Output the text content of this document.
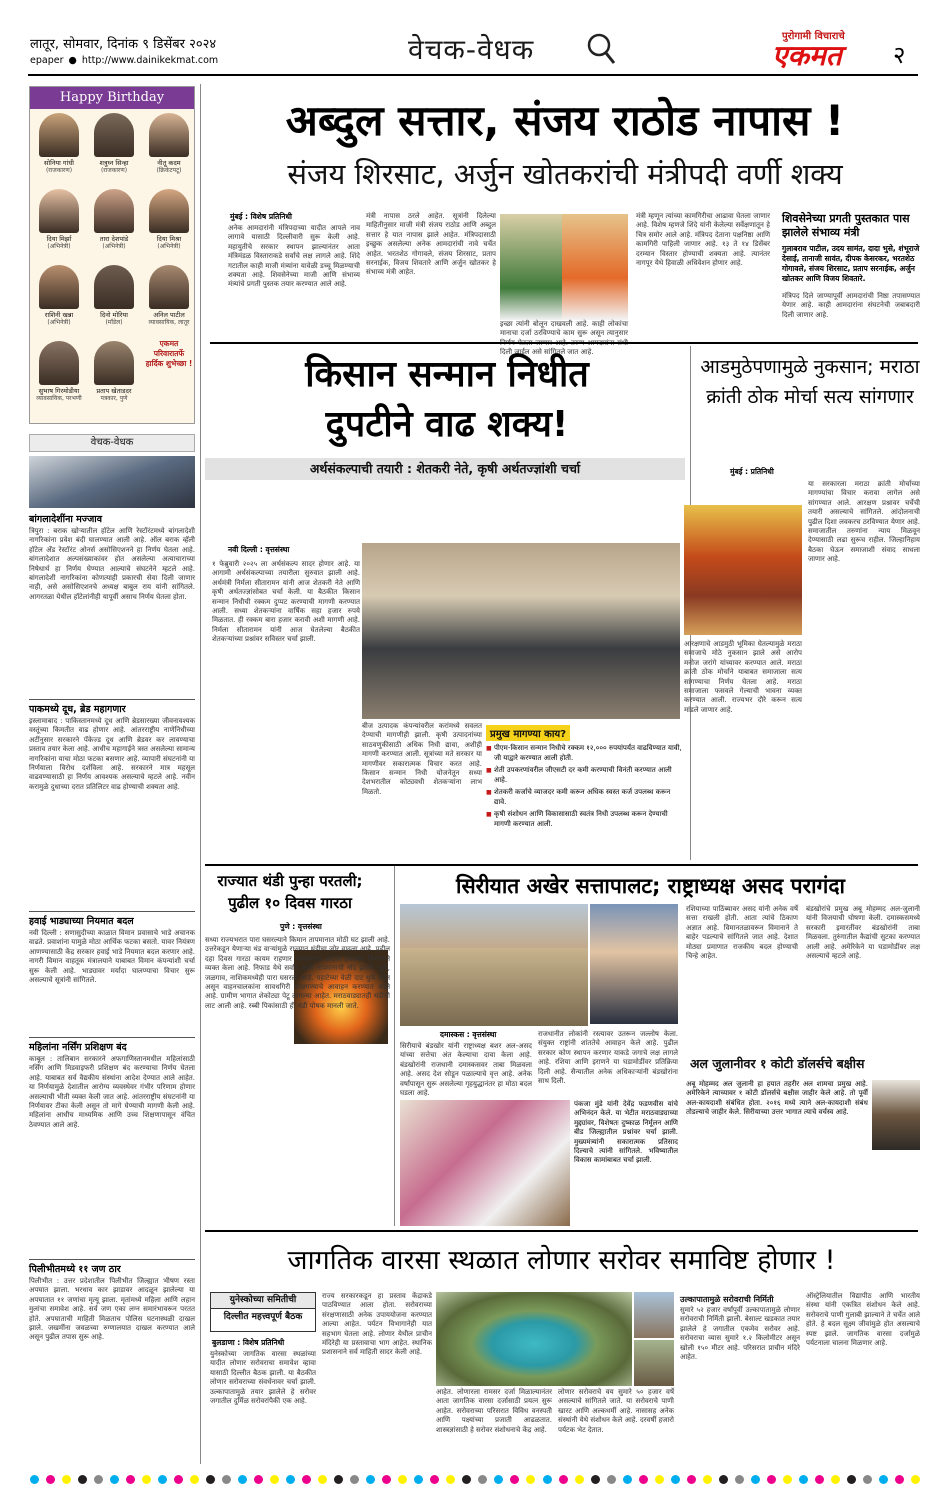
लातूर, सोमवार, दिनांक ९ डिसेंबर २०२४
epaper ● http://www.dainikekmat.com	वेचक-वेधक	पुरोगामी विचाराचे
एकमत २
Happy Birthday
सोनिया गांधी
(राजकारण)
शत्रुघ्न सिन्हा
(राजकारण)
नीतू कदम
(क्रिकेटपटू)
दिया मिर्झा
(अभिनेत्री)
तारा देशपांडे
(अभिनेत्री)
दिया मिश्रा
(अभिनेत्री)
राशिनी खन्ना
(अभिनेत्री)
दिनो मोरिया
(मॉडेल)
अनिल पाटील
व्यावसायिक, लातूर
सुभाष गिरमोडीया
व्यावसायिक, परभणी
प्रताप खेताडदर
पत्रकार, पुणे
एकमत परिवारातर्फे हार्दिक शुभेच्छा !
वेचक-वेधक
बांगलादेशींना मज्जाव
त्रिपुरा : बराक खोऱ्यातील हॉटेल आणि रेस्टॉरंटमध्ये बांगलादेशी नागरिकांना प्रवेश बंदी घालण्यात आली आहे. ऑल बराक व्हॅली हॉटेल अँड रेस्टॉरंट ओनर्स असोसिएशनने हा निर्णय घेतला आहे. बांगलादेशात अल्पसंख्याकांवर होत असलेल्या अत्याचाराच्या निषेधार्थ हा निर्णय घेण्यात आल्याचे संघटनेने म्हटले आहे. बांगलादेशी नागरिकांना कोणत्याही प्रकारची सेवा दिली जाणार नाही, असे असोसिएशनचे अध्यक्ष बाबुल राय यांनी सांगितले. आगरतळा येथील हॉटेलांनीही यापूर्वी असाच निर्णय घेतला होता.
पाकमध्ये दूध, ब्रेड महागणार
इस्लामाबाद : पाकिस्तानमध्ये दूध आणि ब्रेडसारख्या जीवनावश्यक वस्तूंच्या किमतीत वाढ होणार आहे. आंतरराष्ट्रीय नाणेनिधीच्या अटींनुसार सरकारने पॅकेज्ड दूध आणि ब्रेडवर कर लावण्याचा प्रस्ताव तयार केला आहे. आधीच महागाईने त्रस्त असलेल्या सामान्य नागरिकांना याचा मोठा फटका बसणार आहे. व्यापारी संघटनांनी या निर्णयाला विरोध दर्शविला आहे. सरकारने मात्र महसूल वाढवण्यासाठी हा निर्णय आवश्यक असल्याचे म्हटले आहे. नवीन करामुळे दुधाच्या दरात प्रतिलिटर वाढ होण्याची शक्यता आहे.
हवाई भाड्याच्या नियमात बदल
नवी दिल्ली : सणासुदीच्या काळात विमान प्रवासाचे भाडे अचानक वाढते. प्रवाशांना यामुळे मोठा आर्थिक फटका बसतो. यावर नियंत्रण आणण्यासाठी केंद्र सरकार हवाई भाडे नियमात बदल करणार आहे. नागरी विमान वाहतूक मंत्रालयाने याबाबत विमान कंपन्यांशी चर्चा सुरू केली आहे. भाड्यावर मर्यादा घालण्याचा विचार सुरू असल्याचे सूत्रांनी सांगितले.
महिलांना नर्सिंग प्रशिक्षण बंद
काबूल : तालिबान सरकारने अफगाणिस्तानमधील महिलांसाठी नर्सिंग आणि मिडवाइफरी प्रशिक्षण बंद करण्याचा निर्णय घेतला आहे. याबाबत सर्व वैद्यकीय संस्थांना आदेश देण्यात आले आहेत. या निर्णयामुळे देशातील आरोग्य व्यवस्थेवर गंभीर परिणाम होणार असल्याची भीती व्यक्त केली जात आहे. आंतरराष्ट्रीय संघटनांनी या निर्णयावर टीका केली असून तो मागे घेण्याची मागणी केली आहे. महिलांना आधीच माध्यमिक आणि उच्च शिक्षणापासून वंचित ठेवण्यात आले आहे.
पिलीभीतमध्ये ११ जण ठार
पिलीभीत : उत्तर प्रदेशातील पिलीभीत जिल्ह्यात भीषण रस्ता अपघात झाला. भरधाव कार झाडावर आदळून झालेल्या या अपघातात ११ जणांचा मृत्यू झाला. मृतांमध्ये महिला आणि लहान मुलांचा समावेश आहे. सर्व जण एका लग्न समारंभावरून परतत होते. अपघाताची माहिती मिळताच पोलिस घटनास्थळी दाखल झाले. जखमींना जवळच्या रुग्णालयात दाखल करण्यात आले असून पुढील तपास सुरू आहे.
अब्दुल सत्तार, संजय राठोड नापास !
संजय शिरसाट, अर्जुन खोतकरांची मंत्रीपदी वर्णी शक्य
मुंबई : विशेष प्रतिनिधी
अनेक आमदारांनी मंत्रिपदाच्या यादीत आपले नाव लागावे यासाठी दिल्लीवारी सुरू केली आहे. महायुतीचे सरकार स्थापन झाल्यानंतर आता मंत्रिमंडळ विस्ताराकडे सर्वांचे लक्ष लागले आहे. शिंदे गटातील काही माजी मंत्र्यांना यावेळी डच्चू मिळण्याची शक्यता आहे. शिवसेनेच्या माजी आणि संभाव्य मंत्र्यांचे प्रगती पुस्तक तयार करण्यात आले आहे.
मंत्री नापास ठरले आहेत. सूत्रांनी दिलेल्या माहितीनुसार माजी मंत्री संजय राठोड आणि अब्दुल सत्तार हे यात नापास झाले आहेत. मंत्रिपदासाठी इच्छुक असलेल्या अनेक आमदारांची नावे चर्चेत आहेत. भरतशेठ गोगावले, संजय शिरसाट, प्रताप सरनाईक, विजय शिवतारे आणि अर्जुन खोतकर हे संभाव्य मंत्री आहेत.
इच्छा त्यांनी बोलून दाखवली आहे. काही लोकांचा मानाचा दर्जा ठरविण्याचे काम सुरू असून त्यानुसार दिली जाईल असे सांगितले जात आहे.
मंत्री म्हणून त्यांच्या कामगिरीचा आढावा घेतला जाणार आहे. विशेष म्हणजे शिंदे यांनी केलेल्या सर्वेक्षणातून हे चित्र समोर आले आहे. मंत्रिपद देताना पक्षनिष्ठा आणि कामगिरी पाहिली जाणार आहे. १३ ते १४ डिसेंबर दरम्यान विस्तार होण्याची शक्यता आहे. त्यानंतर नागपूर येथे हिवाळी अधिवेशन होणार आहे.
शिवसेनेच्या प्रगती पुस्तकात पास झालेले संभाव्य मंत्री
गुलाबराव पाटील, उदय सामंत, दादा भुसे, शंभूराजे देसाई, तानाजी सावंत, दीपक केसरकर, भरतशेठ गोगावले, संजय शिरसाट, प्रताप सरनाईक, अर्जुन खोतकर आणि विजय शिवतारे.
मंत्रिपद दिले जाण्यापूर्वी आमदारांची निष्ठा तपासण्यात येणार आहे. काही आमदारांना संघटनेची जबाबदारी दिली जाणार आहे.
किसान सन्मान निधीत
दुपटीने वाढ शक्य!
अर्थसंकल्पाची तयारी : शेतकरी नेते, कृषी अर्थतज्ज्ञांशी चर्चा
नवी दिल्ली : वृत्तसंस्था
१ फेब्रुवारी २०२५ ला अर्थसंकल्प सादर होणार आहे. या आगामी अर्थसंकल्पाच्या तयारीला सुरुवात झाली आहे. अर्थमंत्री निर्मला सीतारामन यांनी आज शेतकरी नेते आणि कृषी अर्थतज्ज्ञांसोबत चर्चा केली. या बैठकीत किसान सन्मान निधीची रक्कम दुप्पट करण्याची मागणी करण्यात आली. सध्या शेतकऱ्यांना वार्षिक सहा हजार रुपये मिळतात. ही रक्कम बारा हजार करावी अशी मागणी आहे. निर्मला सीतारामन यांनी आज घेतलेल्या बैठकीत शेतकऱ्यांच्या प्रश्नांवर सविस्तर चर्चा झाली.
बीज उत्पादक कंपन्यांवरील करांमध्ये सवलत देण्याची मागणीही झाली. कृषी उत्पादनांच्या साठवणुकीसाठी अधिक निधी द्यावा, अशीही मागणी करण्यात आली. सूत्रांच्या मते सरकार या मागणीवर सकारात्मक विचार करत आहे. किसान सन्मान निधी योजनेतून सध्या देशभरातील कोट्यवधी शेतकऱ्यांना लाभ मिळतो.
प्रमुख मागण्या काय?
■ पीएम-किसान सन्मान निधीचे रक्कम १२,००० रुपयांपर्यंत वाढविण्यात यावी, जी याद्वारे करण्यात आली होती.
■ शेती उपकरणांवरील जीएसटी दर कमी करण्याची विनंती करण्यात आली आहे.
■ शेतकरी कर्जाचे व्याजदर कमी करून अधिक स्वस्त कर्ज उपलब्ध करून द्यावे.
■ कृषी संशोधन आणि विकासासाठी स्वतंत्र निधी उपलब्ध करून देण्याची मागणी करण्यात आली.
आडमुठेपणामुळे नुकसान; मराठा क्रांती ठोक मोर्चा सत्य सांगणार
मुंबई : प्रतिनिधी
आरक्षणाचे आडमुठी भूमिका घेतल्यामुळे मराठा समाजाचे मोठे नुकसान झाले असे आरोप मनोज जरांगे यांच्यावर करण्यात आले. मराठा क्रांती ठोक मोर्चाने याबाबत समाजाला सत्य सांगण्याचा निर्णय घेतला आहे. मराठा समाजाला फसवले गेल्याची भावना व्यक्त करण्यात आली. राज्यभर दौरे करून सत्य मांडले जाणार आहे.
या सरकारला मराठा क्रांती मोर्चाच्या मागण्यांचा विचार करावा लागेल असे सांगण्यात आले. आरक्षण प्रश्नावर चर्चेची तयारी असल्याचे सांगितले. आंदोलनाची पुढील दिशा लवकरच ठरविण्यात येणार आहे. समाजातील तरुणांना न्याय मिळवून देण्यासाठी लढा सुरूच राहील. जिल्हानिहाय बैठका घेऊन समाजाशी संवाद साधला जाणार आहे.
राज्यात थंडी पुन्हा परतली;
पुढील १० दिवस गारठा
पुणे : वृत्तसंस्था
सध्या राज्यभरात पारा घसरल्याने किमान तापमानात मोठी घट झाली आहे. उत्तरेकडून येणाऱ्या थंड वाऱ्यांमुळे राज्यात थंडीचा जोर वाढला आहे. पुढील दहा दिवस गारठा कायम राहणार असल्याचा अंदाज हवामान विभागाने व्यक्त केला आहे. निफाड येथे सर्वात कमी तापमानाची नोंद झाली. धुळे, जळगाव, नाशिकमध्येही पारा घसरला आहे. पहाटेच्या वेळी दाट धुके पडत असून वाहनचालकांना सावधगिरी बाळगण्याचे आवाहन करण्यात आले आहे. ग्रामीण भागात शेकोट्या पेटू लागल्या आहेत. मराठवाड्यातही थंडीची लाट आली आहे. रब्बी पिकांसाठी ही थंडी पोषक मानली जाते.
सिरीयात अखेर सत्तापालट; राष्ट्राध्यक्ष असद परागंदा
दमास्कस : वृत्तसंस्था
सिरीयाचे बंडखोर यांनी राष्ट्राध्यक्ष बशर अल-असद यांच्या सत्तेचा अंत केल्याचा दावा केला आहे. बंडखोरांनी राजधानी दमास्कसवर ताबा मिळवला आहे. असद देश सोडून पळाल्याचे वृत्त आहे. अनेक वर्षांपासून सुरू असलेल्या गृहयुद्धानंतर हा मोठा बदल घडला आहे.
राजधानीत लोकांनी रस्त्यावर उतरून जल्लोष केला. संयुक्त राष्ट्रांनी शांततेचे आवाहन केले आहे. पुढील सरकार कोण स्थापन करणार याकडे जगाचे लक्ष लागले आहे. रशिया आणि इराणने या घडामोडींवर प्रतिक्रिया दिली आहे. सैन्यातील अनेक अधिकाऱ्यांनी बंडखोरांना साथ दिली.
रशियाच्या पाठिंब्यावर असद यांनी अनेक वर्षे सत्ता राखली होती. आता त्यांचे ठिकाण अज्ञात आहे. विमानतळावरून विमानाने ते बाहेर पडल्याचे सांगितले जात आहे. देशात मोठ्या प्रमाणात राजकीय बदल होण्याची चिन्हे आहेत.
बंडखोरांचे प्रमुख अबू मोहम्मद अल-जुलानी यांनी विजयाची घोषणा केली. दमास्कसमध्ये सरकारी इमारतींवर बंडखोरांनी ताबा मिळवला. तुरुंगातील कैद्यांची सुटका करण्यात आली आहे. अमेरिकेने या घडामोडींवर लक्ष असल्याचे म्हटले आहे.
अल जुलानीवर १ कोटी डॉलर्सचे बक्षीस
अबू मोहम्मद अल जुलानी हा हयात तहरीर अल शामचा प्रमुख आहे. अमेरिकेने त्याच्यावर १ कोटी डॉलर्सचे बक्षीस जाहीर केले आहे. तो पूर्वी अल-कायदाशी संबंधित होता. २०१६ मध्ये त्याने अल-कायदाशी संबंध तोडल्याचे जाहीर केले. सिरीयाच्या उत्तर भागात त्याचे वर्चस्व आहे.
पंकजा मुंडे यांनी देवेंद्र फडणवीस यांचे अभिनंदन केले. या भेटीत मराठवाड्याच्या मुद्द्यांवर, विशेषतः दुष्काळ निर्मूलन आणि बीड जिल्ह्यातील प्रश्नांवर चर्चा झाली. मुख्यमंत्र्यांनी सकारात्मक प्रतिसाद दिल्याचे त्यांनी सांगितले. भविष्यातील विकास कामांबाबत चर्चा झाली.
जागतिक वारसा स्थळात लोणार सरोवर समाविष्ट होणार !
युनेस्कोच्या समितीची
दिल्लीत महत्त्वपूर्ण बैठक
बुलडाणा : विशेष प्रतिनिधी
युनेस्कोच्या जागतिक वारसा स्थळांच्या यादीत लोणार सरोवराचा समावेश व्हावा यासाठी दिल्लीत बैठक झाली. या बैठकीत लोणार सरोवराच्या संवर्धनावर चर्चा झाली. उल्कापातामुळे तयार झालेले हे सरोवर जगातील दुर्मिळ सरोवरांपैकी एक आहे.
राज्य सरकारकडून हा प्रस्ताव केंद्राकडे पाठविण्यात आला होता. सरोवराच्या संरक्षणासाठी अनेक उपाययोजना करण्यात आल्या आहेत. पर्यटन विभागानेही यात सहभाग घेतला आहे. लोणार येथील प्राचीन मंदिरेही या प्रस्तावाचा भाग आहेत. स्थानिक प्रशासनाने सर्व माहिती सादर केली आहे.
आहेत. लोणारला रामसर दर्जा मिळाल्यानंतर आता जागतिक वारसा दर्जासाठी प्रयत्न सुरू आहेत. सरोवराच्या परिसरात विविध वनस्पती आणि पक्ष्यांच्या प्रजाती आढळतात. शास्त्रज्ञांसाठी हे सरोवर संशोधनाचे केंद्र आहे.
लोणार सरोवराचे वय सुमारे ५० हजार वर्षे असल्याचे सांगितले जाते. या सरोवराचे पाणी खारट आणि अल्कधर्मी आहे. नासासह अनेक संस्थांनी येथे संशोधन केले आहे. दरवर्षी हजारो पर्यटक भेट देतात.
उल्कापातामुळे सरोवराची निर्मिती
सुमारे ५२ हजार वर्षांपूर्वी उल्कापातामुळे लोणार सरोवराची निर्मिती झाली. बेसाल्ट खडकात तयार झालेले हे जगातील एकमेव सरोवर आहे. सरोवराचा व्यास सुमारे १.२ किलोमीटर असून खोली १५० मीटर आहे. परिसरात प्राचीन मंदिरे आहेत.
ऑस्ट्रेलियातील विद्यापीठ आणि भारतीय संस्था यांनी एकत्रित संशोधन केले आहे. सरोवराचे पाणी गुलाबी झाल्याने ते चर्चेत आले होते. हे बदल सूक्ष्म जीवांमुळे होत असल्याचे स्पष्ट झाले. जागतिक वारसा दर्जामुळे पर्यटनाला चालना मिळणार आहे.
